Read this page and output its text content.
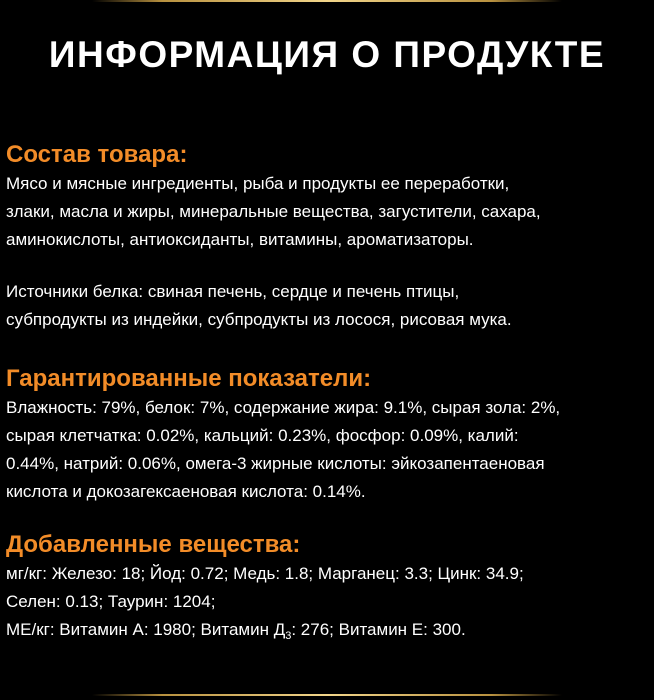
ИНФОРМАЦИЯ О ПРОДУКТЕ
Состав товара:

Мясо и мясные ингредиенты, рыба и продукты ее переработки,
злаки, масла и жиры, минеральные вещества, загустители, сахара,
аминокислоты, антиоксиданты, витамины, ароматизаторы.

Источники белка: свиная печень, сердце и печень птицы,
субпродукты из индейки, субпродукты из лосося, рисовая мука.

Гарантированные показатели:

Влажность: 79%, белок: 7%, содержание жира: 9.1%, сырая зола: 2%,
сырая клетчатка: 0.02%, кальций: 0.23%, фосфор: 0.09%, калий:
0.44%, натрий: 0.06%, омега-3 жирные кислоты: эйкозапентаеновая
кислота и докозагексаеновая кислота: 0.14%.

Добавленные вещества:

мг/кг: Железо: 18; Йод: 0.72; Медь: 1.8; Марганец: 3.3; Цинк: 34.9;
Селен: 0.13; Таурин: 1204;
МЕ/кг: Витамин А: 1980; Витамин $Д_3$: 276; Витамин Е: 300.
